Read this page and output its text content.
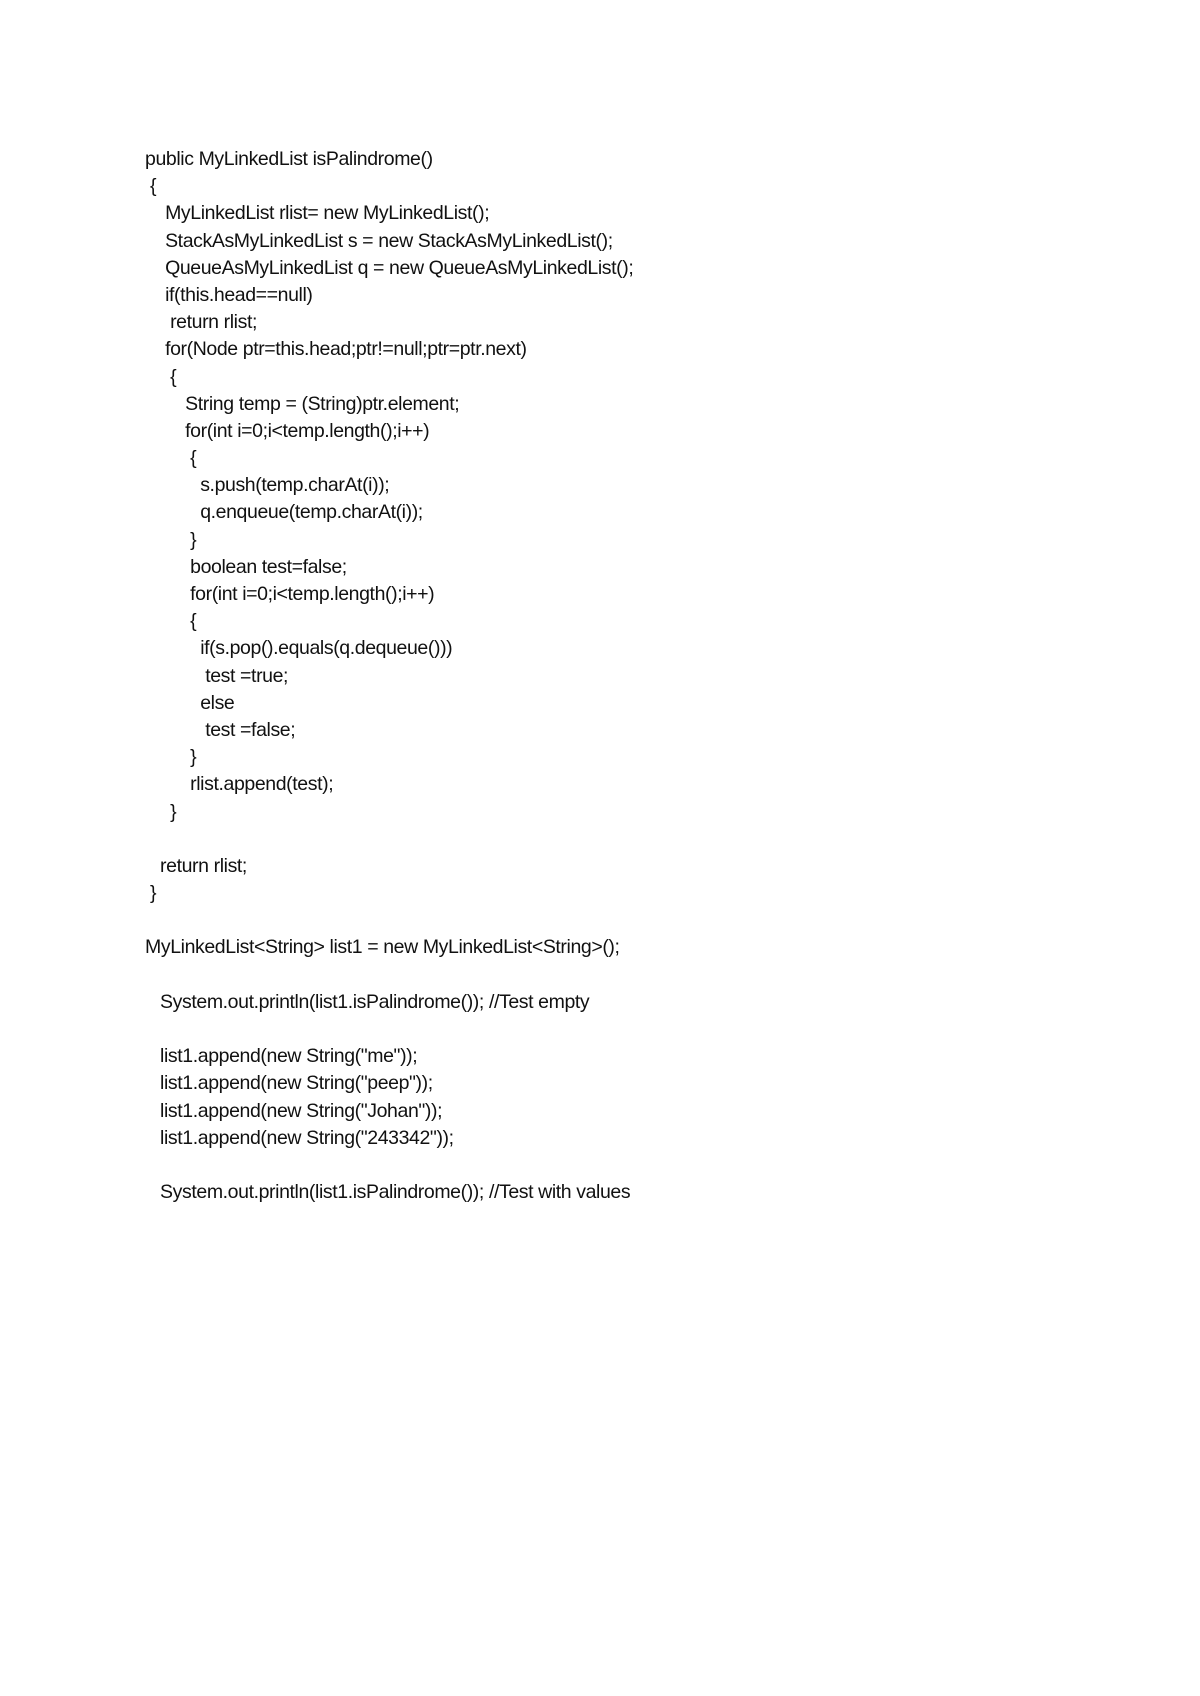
public MyLinkedList isPalindrome()
{
MyLinkedList rlist= new MyLinkedList();
StackAsMyLinkedList s = new StackAsMyLinkedList();
QueueAsMyLinkedList q = new QueueAsMyLinkedList();
if(this.head==null)
return rlist;
for(Node ptr=this.head;ptr!=null;ptr=ptr.next)
{
String temp = (String)ptr.element;
for(int i=0;i<temp.length();i++)
{
s.push(temp.charAt(i));
q.enqueue(temp.charAt(i));
}
boolean test=false;
for(int i=0;i<temp.length();i++)
{
if(s.pop().equals(q.dequeue()))
test =true;
else
test =false;
}
rlist.append(test);
}
return rlist;
}
MyLinkedList<String> list1 = new MyLinkedList<String>();
System.out.println(list1.isPalindrome()); //Test empty
list1.append(new String("me"));
list1.append(new String("peep"));
list1.append(new String("Johan"));
list1.append(new String("243342"));
System.out.println(list1.isPalindrome()); //Test with values
